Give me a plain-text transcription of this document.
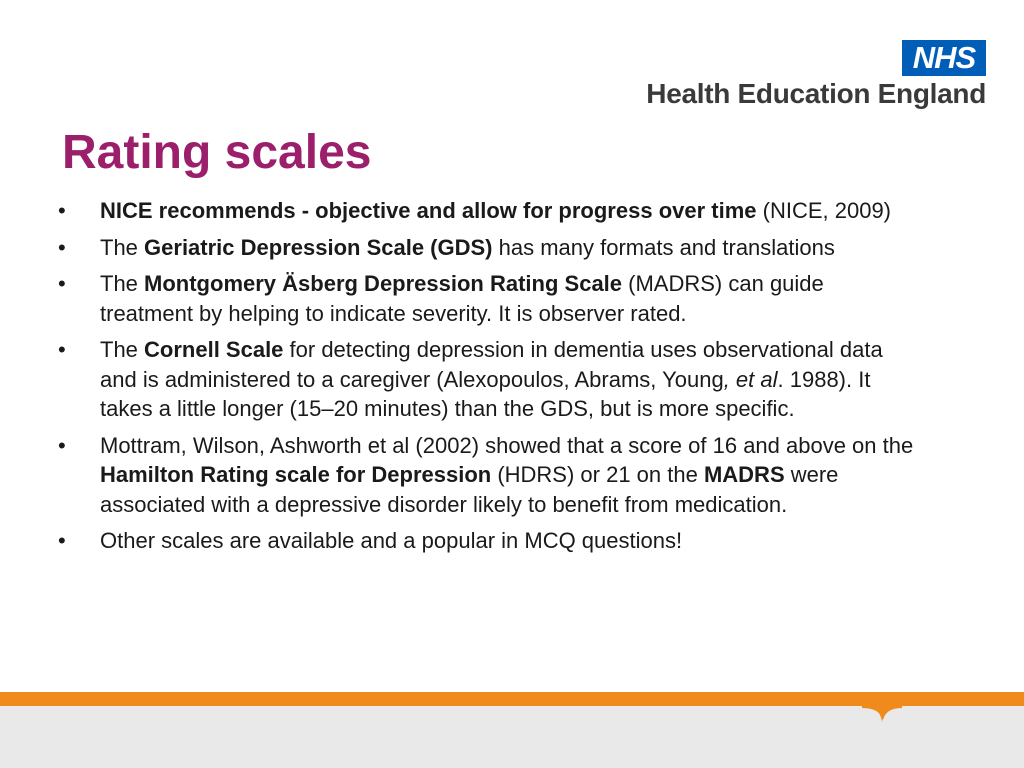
NHS
Health Education England
Rating scales
• NICE recommends - objective and allow for progress over time (NICE, 2009)
• The Geriatric Depression Scale (GDS) has many formats and translations
• The Montgomery Äsberg Depression Rating Scale (MADRS) can guide treatment by helping to indicate severity. It is observer rated.
• The Cornell Scale for detecting depression in dementia uses observational data and is administered to a caregiver (Alexopoulos, Abrams, Young, et al. 1988). It takes a little longer (15–20 minutes) than the GDS, but is more specific.
• Mottram, Wilson, Ashworth et al (2002) showed that a score of 16 and above on the Hamilton Rating scale for Depression (HDRS) or 21 on the MADRS were associated with a depressive disorder likely to benefit from medication.
• Other scales are available and a popular in MCQ questions!
